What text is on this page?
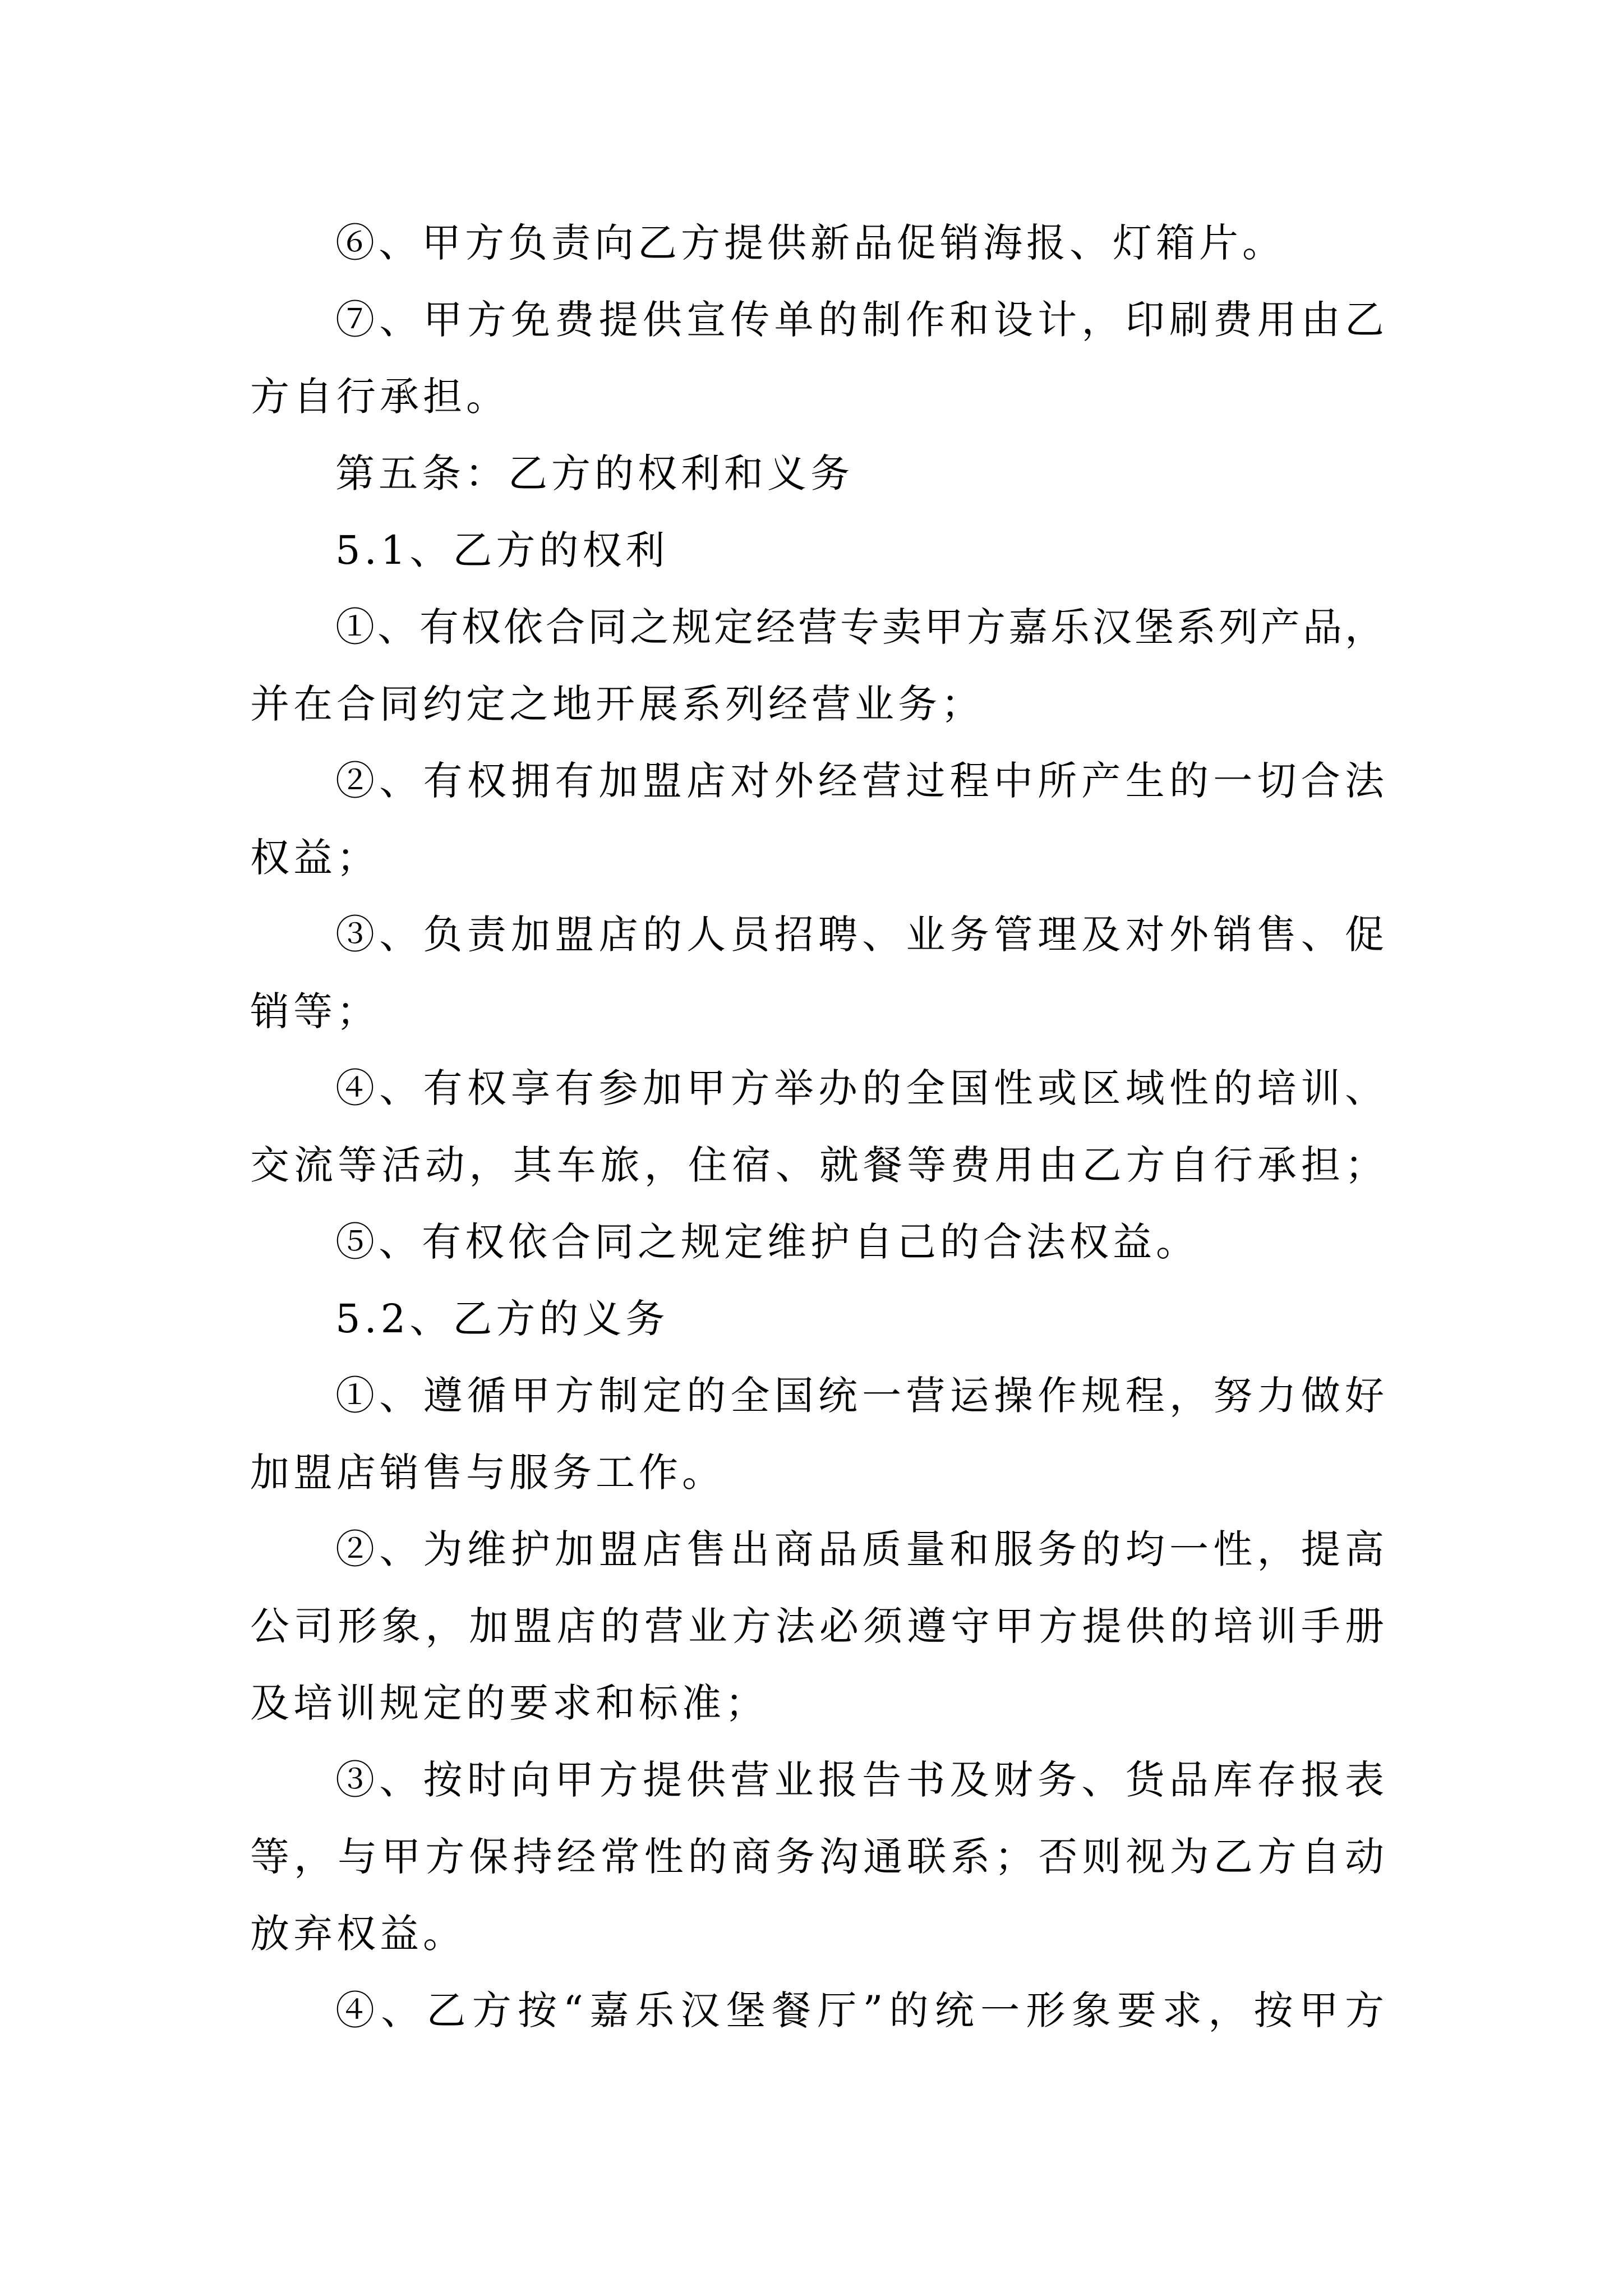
⑥、甲方负责向乙方提供新品促销海报、灯箱片。
⑦、甲方免费提供宣传单的制作和设计，印刷费用由乙
方自行承担。
第五条：乙方的权利和义务
5.1、乙方的权利
①、有权依合同之规定经营专卖甲方嘉乐汉堡系列产品，
并在合同约定之地开展系列经营业务；
②、有权拥有加盟店对外经营过程中所产生的一切合法
权益；
③、负责加盟店的人员招聘、业务管理及对外销售、促
销等；
④、有权享有参加甲方举办的全国性或区域性的培训、
交流等活动，其车旅，住宿、就餐等费用由乙方自行承担；
⑤、有权依合同之规定维护自己的合法权益。
5.2、乙方的义务
①、遵循甲方制定的全国统一营运操作规程，努力做好
加盟店销售与服务工作。
②、为维护加盟店售出商品质量和服务的均一性，提高
公司形象，加盟店的营业方法必须遵守甲方提供的培训手册
及培训规定的要求和标准；
③、按时向甲方提供营业报告书及财务、货品库存报表
等，与甲方保持经常性的商务沟通联系；否则视为乙方自动
放弃权益。
④、乙方按“嘉乐汉堡餐厅”的统一形象要求，按甲方
